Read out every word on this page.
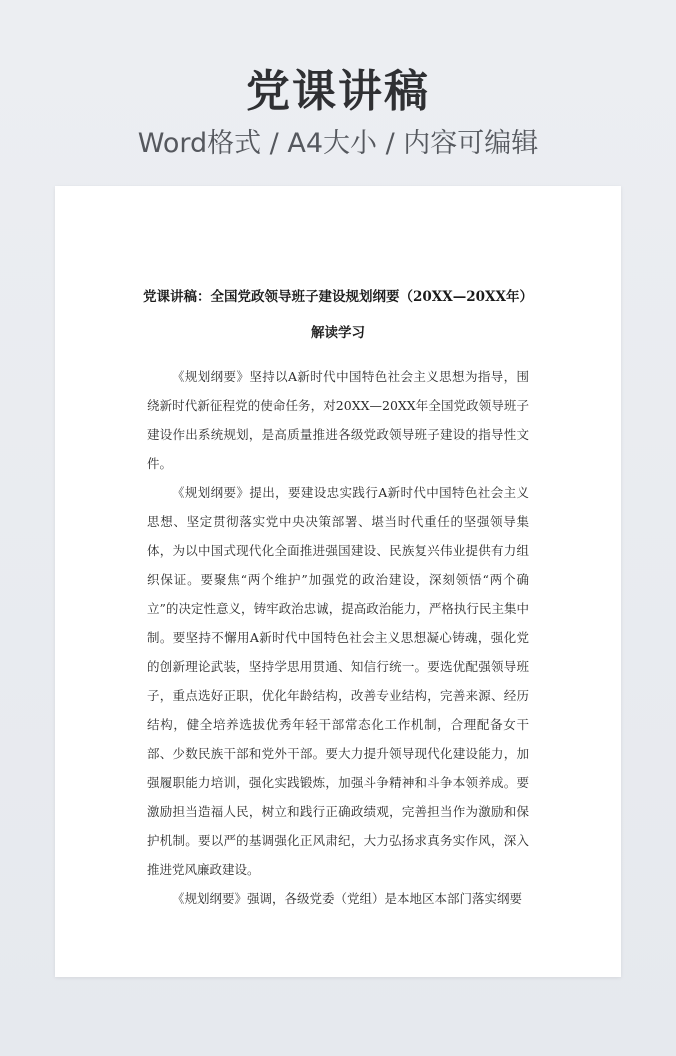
党课讲稿
Word格式 / A4大小 / 内容可编辑
党课讲稿：全国党政领导班子建设规划纲要（20XX—20XX年）解读学习

《规划纲要》坚持以A新时代中国特色社会主义思想为指导，围绕新时代新征程党的使命任务，对20XX—20XX年全国党政领导班子建设作出系统规划，是高质量推进各级党政领导班子建设的指导性文件。

《规划纲要》提出，要建设忠实践行A新时代中国特色社会主义思想、坚定贯彻落实党中央决策部署、堪当时代重任的坚强领导集体，为以中国式现代化全面推进强国建设、民族复兴伟业提供有力组织保证。要聚焦“两个维护”加强党的政治建设，深刻领悟“两个确立”的决定性意义，铸牢政治忠诚，提高政治能力，严格执行民主集中制。要坚持不懈用A新时代中国特色社会主义思想凝心铸魂，强化党的创新理论武装，坚持学思用贯通、知信行统一。要选优配强领导班子，重点选好正职，优化年龄结构，改善专业结构，完善来源、经历结构，健全培养选拔优秀年轻干部常态化工作机制，合理配备女干部、少数民族干部和党外干部。要大力提升领导现代化建设能力，加强履职能力培训，强化实践锻炼，加强斗争精神和斗争本领养成。要激励担当造福人民，树立和践行正确政绩观，完善担当作为激励和保护机制。要以严的基调强化正风肃纪，大力弘扬求真务实作风，深入推进党风廉政建设。

《规划纲要》强调，各级党委（党组）是本地区本部门落实纲要
